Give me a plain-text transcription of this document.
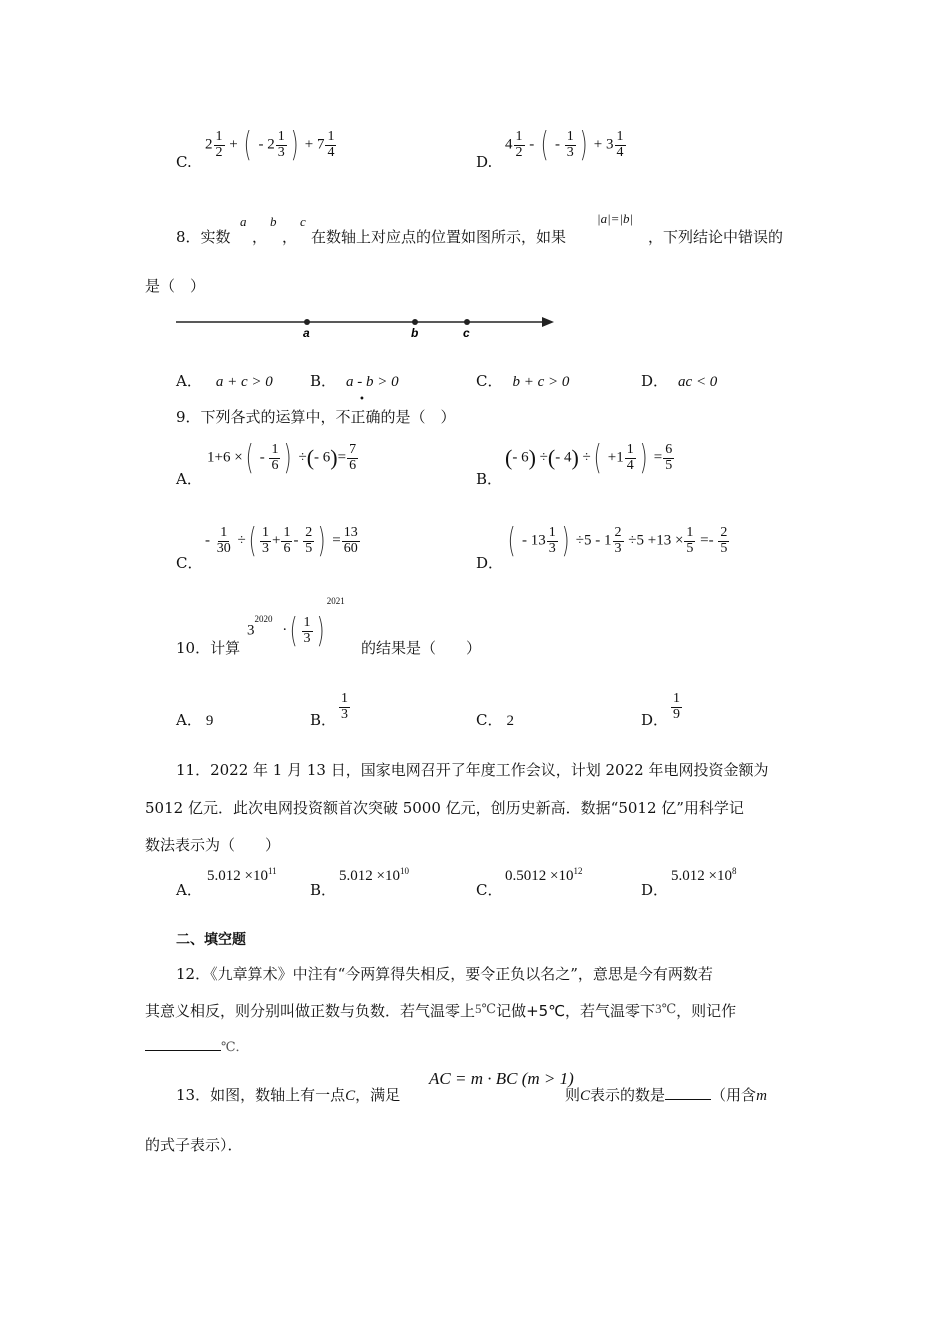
C.
$2 \frac{1}{2}$ + ( - $2 \frac{1}{3}$ ) + $7 \frac{1}{4}$
D.
$4 \frac{1}{2}$ - ( - $\frac{1}{3}$ ) + $3 \frac{1}{4}$
8．实数
a
，
b
，
c
在数轴上对应点的位置如图所示，如果
|a|=|b|
，下列结论中错误的
是（　）
a	b	c
A． a + c > 0 B． a - b > 0	C． b + c > 0	D． ac < 0
9．下列各式的运算中，不正确的是（　）
•
A．
1+6 ×( - $\frac{1}{6}$ ) ÷(- $6)= \frac{7}{6}$
B．
(- 6) ÷(- 4) ÷( $+1 \frac{1}{4}$ ) = $\frac{6}{5}$
C．
- $\frac{1}{30}$ ÷( $\frac{1}{3} + \frac{1}{6} - \frac{2}{5}$ ) = $\frac{13}{60}$
D．
( - $13 \frac{1}{3}$ ) $\div 5 - 1 \frac{2}{3} \div 5 +13 \times \frac{1}{5} =- \frac{2}{5}$
10．计算
$3^{2020}$ ·( $\frac{1}{3} )^{2021}$
的结果是（　　）
A． 9	B． $\frac{1}{3}$	C． 2	D． $\frac{1}{9}$
11．2022 年 1 月 13 日，国家电网召开了年度工作会议，计划 2022 年电网投资金额为
5012 亿元．此次电网投资额首次突破 5000 亿元，创历史新高．数据“5012 亿”用科学记
数法表示为（　　）
A．
$5.012 \times 10^{11}$
B．
$5.012 \times 10^{10}$
C．
$0.5012 \times 10^{12}$
D．
$5.012 \times 10^8$
二、填空题
12．《九章算术》中注有“今两算得失相反，要令正负以名之”，意思是今有两数若
其意义相反，则分别叫做正数与负数．若气温零上5℃记做+5℃，若气温零下3℃，则记作
℃．
13．如图，数轴上有一点C，满足
AC = m · BC (m > 1)
则C表示的数是	（用含m
的式子表示）．
